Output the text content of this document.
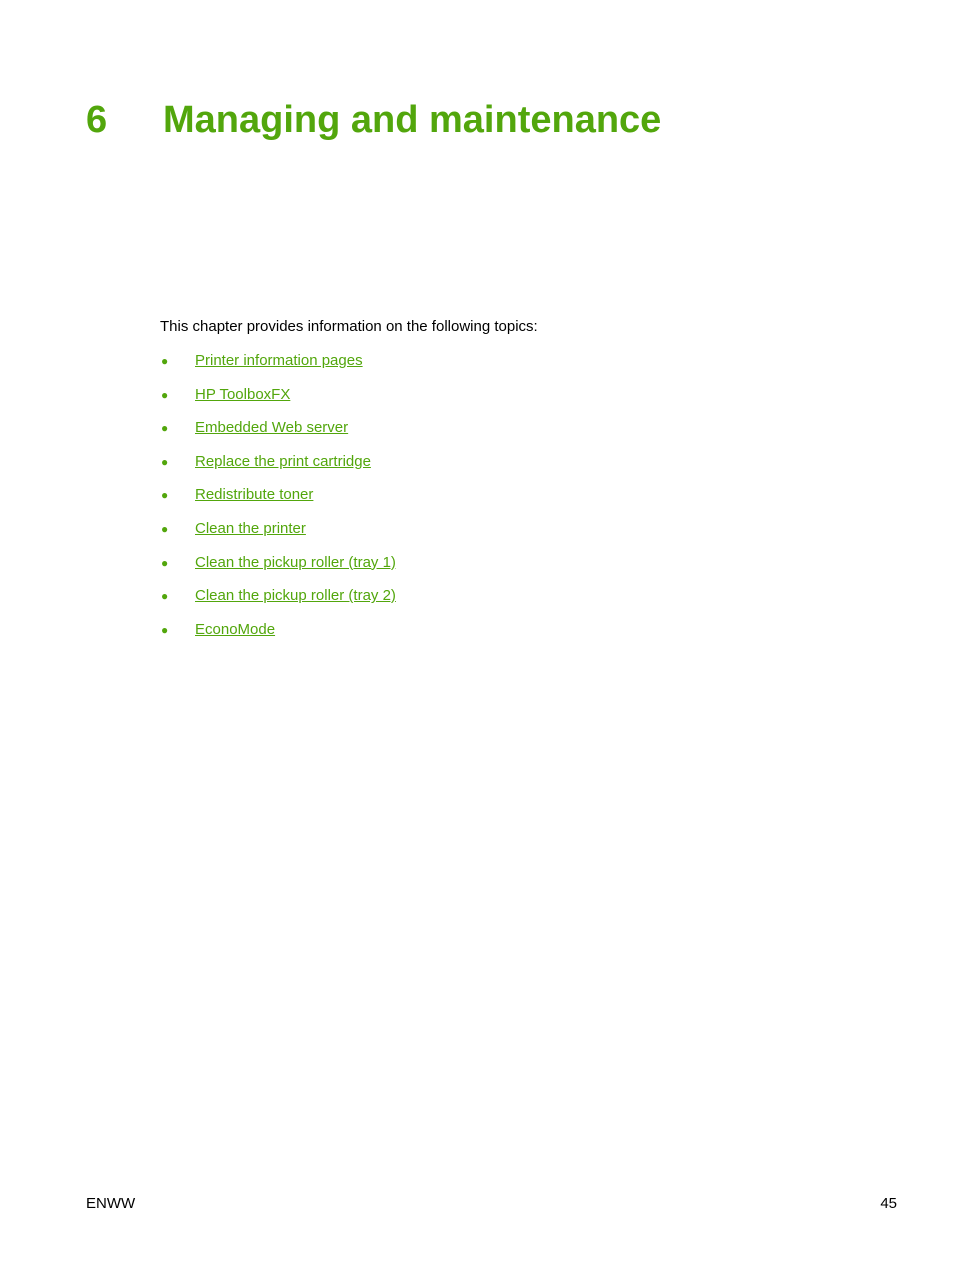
6 Managing and maintenance

This chapter provides information on the following topics:

● Printer information pages
● HP ToolboxFX
● Embedded Web server
● Replace the print cartridge
● Redistribute toner
● Clean the printer
● Clean the pickup roller (tray 1)
● Clean the pickup roller (tray 2)
● EconoMode
ENWW	45
